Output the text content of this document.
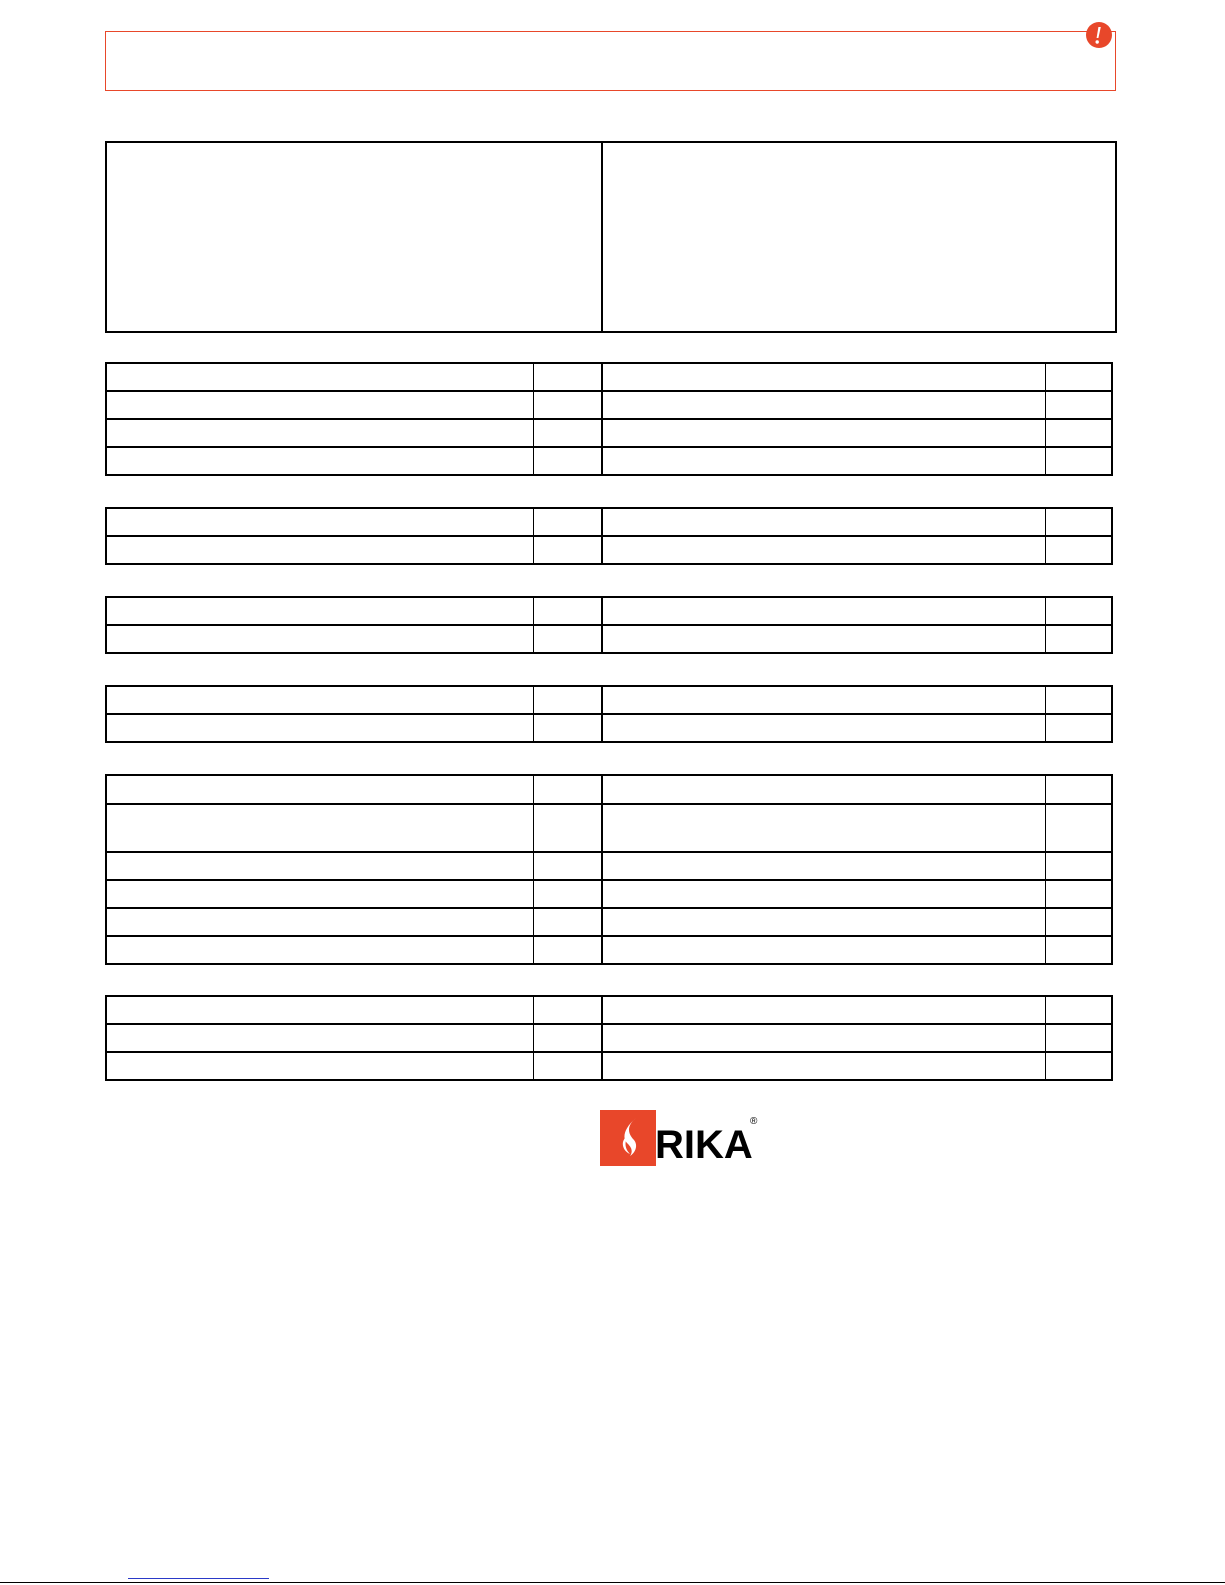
RIKA
®
